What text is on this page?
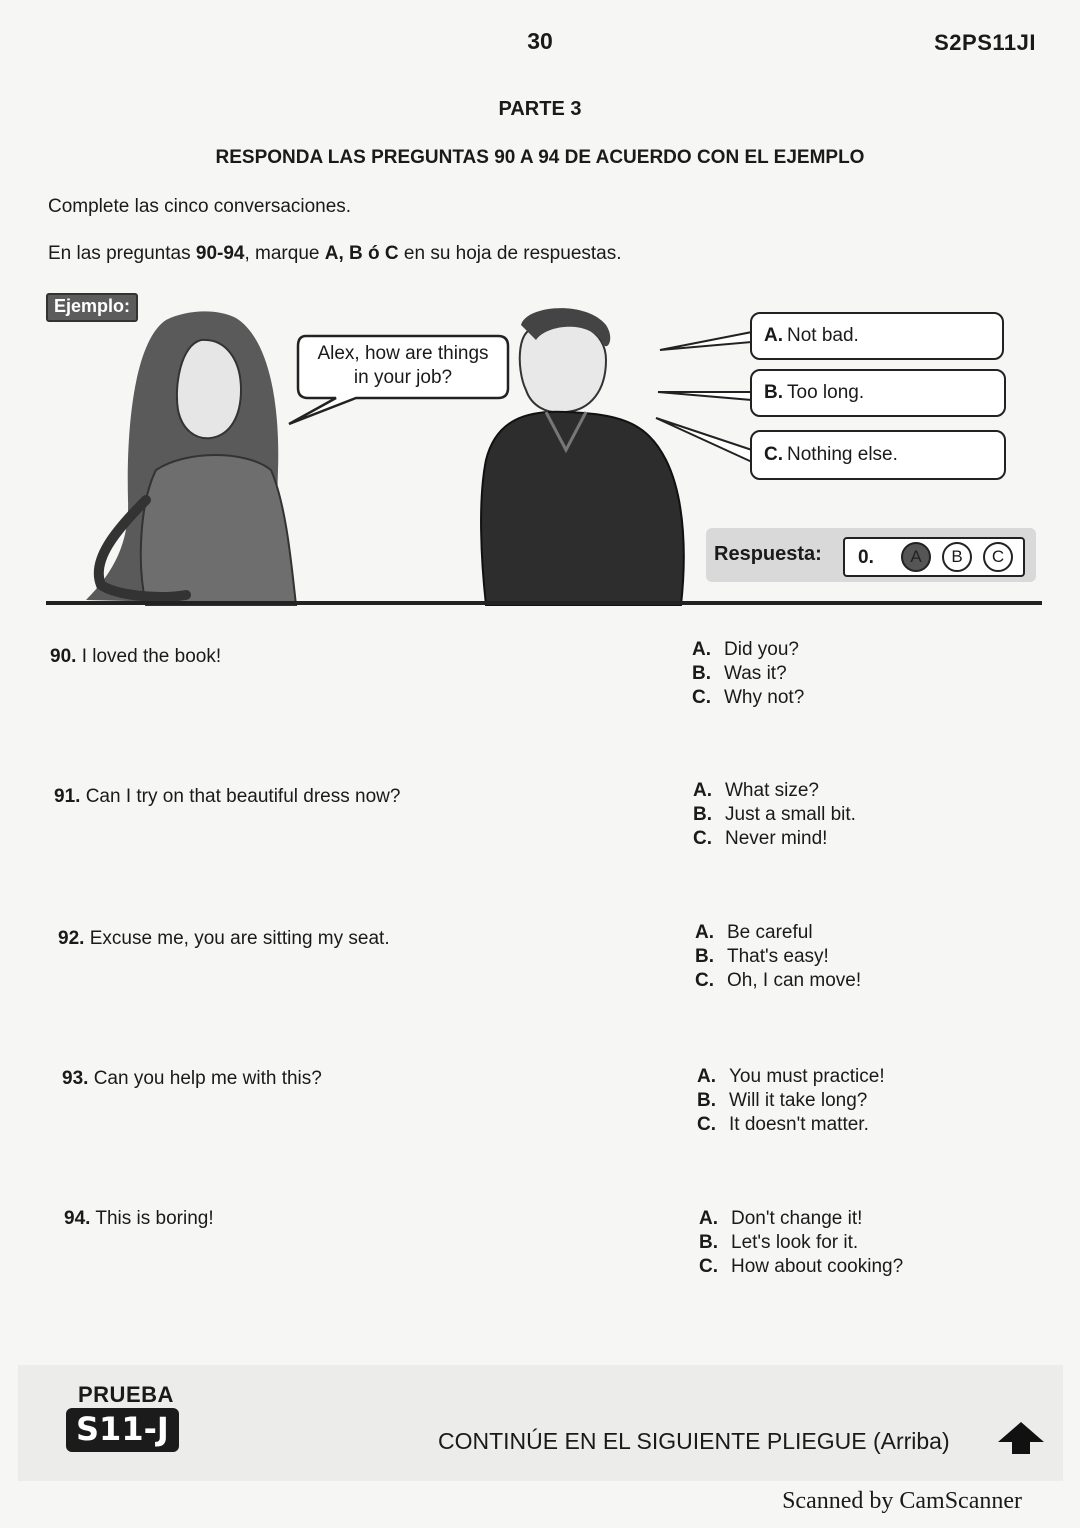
30	S2PS11JI
PARTE 3
RESPONDA LAS PREGUNTAS 90 A 94 DE ACUERDO CON EL EJEMPLO
Complete las cinco conversaciones.
En las preguntas 90-94, marque A, B ó C en su hoja de respuestas.
Alex, how are things
in your job?
Ejemplo:
A. Not bad.
B. Too long.
C. Nothing else.
Respuesta: 0.	A	B	C
90. I loved the book!	A. Did you?
B. Was it?
C. Why not?
91. Can I try on that beautiful dress now?	A. What size?
B. Just a small bit.
C. Never mind!
92. Excuse me, you are sitting my seat.	A. Be careful
B. That's easy!
C. Oh, I can move!
93. Can you help me with this?	A. You must practice!
B. Will it take long?
C. It doesn't matter.
94. This is boring!	A. Don't change it!
B. Let's look for it.
C. How about cooking?
PRUEBA
S11-J	CONTINÚE EN EL SIGUIENTE PLIEGUE (Arriba)
Scanned by CamScanner
